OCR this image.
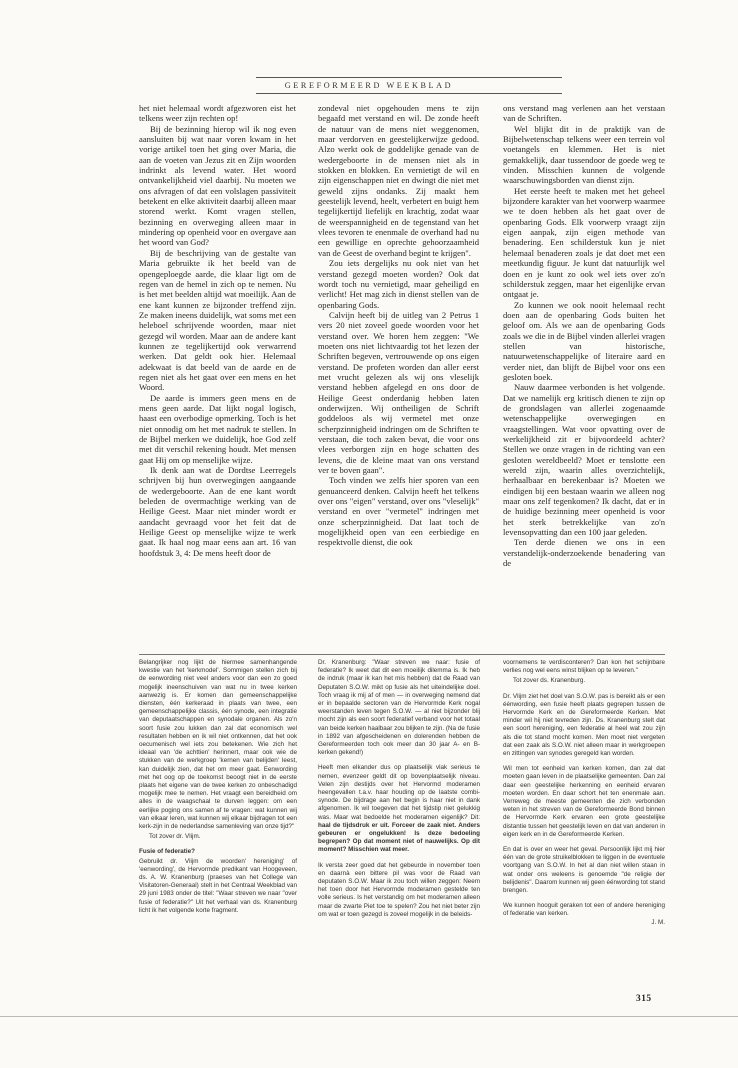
GEREFORMEERD WEEKBLAD

het niet helemaal wordt afgezworen eist het telkens weer zijn rechten op!

Bij de bezinning hierop wil ik nog even aansluiten bij wat naar voren kwam in het vorige artikel toen het ging over Maria, die aan de voeten van Jezus zit en Zijn woorden indrinkt als levend water. Het woord ontvankelijkheid viel daarbij. Nu moeten we ons afvragen of dat een volslagen passiviteit betekent en elke aktiviteit daarbij alleen maar storend werkt. Komt vragen stellen, bezinning en overweging alleen maar in mindering op openheid voor en overgave aan het woord van God?

Bij de beschrijving van de gestalte van Maria gebruikte ik het beeld van de opengeploegde aarde, die klaar ligt om de regen van de hemel in zich op te nemen. Nu is het met beelden altijd wat moeilijk. Aan de ene kant kunnen ze bijzonder treffend zijn. Ze maken ineens duidelijk, wat soms met een heleboel schrijvende woorden, maar niet gezegd wil worden. Maar aan de andere kant kunnen ze tegelijkertijd ook verwarrend werken. Dat geldt ook hier. Helemaal adekwaat is dat beeld van de aarde en de regen niet als het gaat over een mens en het Woord.

De aarde is immers geen mens en de mens geen aarde. Dat lijkt nogal logisch, haast een overbodige opmerking. Toch is het niet onnodig om het met nadruk te stellen. In de Bijbel merken we duidelijk, hoe God zelf met dit verschil rekening houdt. Met mensen gaat Hij om op menselijke wijze.

Ik denk aan wat de Dordtse Leerregels schrijven bij hun overwegingen aangaande de wedergeboorte. Aan de ene kant wordt beleden de overmachtige werking van de Heilige Geest. Maar niet minder wordt er aandacht gevraagd voor het feit dat de Heilige Geest op menselijke wijze te werk gaat. Ik haal nog maar eens aan art. 16 van hoofdstuk 3, 4: De mens heeft door de

zondeval niet opgehouden mens te zijn begaafd met verstand en wil. De zonde heeft de natuur van de mens niet weggenomen, maar verdorven en geestelijkerwijze gedood. Alzo werkt ook de goddelijke genade van de wedergeboorte in de mensen niet als in stokken en blokken. En vernietigt de wil en zijn eigenschappen niet en dwingt die niet met geweld zijns ondanks. Zij maakt hem geestelijk levend, heelt, verbetert en buigt hem tegelijkertijd liefelijk en krachtig, zodat waar de weerspannigheid en de tegenstand van het vlees tevoren te enenmale de overhand had nu een gewillige en oprechte gehoorzaamheid van de Geest de overhand begint te krijgen".

Zou iets dergelijks nu ook niet van het verstand gezegd moeten worden? Ook dat wordt toch nu vernietigd, maar geheiligd en verlicht! Het mag zich in dienst stellen van de openbaring Gods.

Calvijn heeft bij de uitleg van 2 Petrus 1 vers 20 niet zoveel goede woorden voor het verstand over. We horen hem zeggen: "We moeten ons niet lichtvaardig tot het lezen der Schriften begeven, vertrouwende op ons eigen verstand. De profeten worden dan aller eerst met vrucht gelezen als wij ons vleselijk verstand hebben afgelegd en ons door de Heilige Geest onderdanig hebben laten onderwijzen. Wij ontheiligen de Schrift goddeloos als wij vermetel met onze scherpzinnigheid indringen om de Schriften te verstaan, die toch zaken bevat, die voor ons vlees verborgen zijn en hoge schatten des levens, die de kleine maat van ons verstand ver te boven gaan".

Toch vinden we zelfs hier sporen van een genuanceerd denken. Calvijn heeft het telkens over ons "eigen" verstand, over ons "vleselijk" verstand en over "vermetel" indringen met onze scherpzinnigheid. Dat laat toch de mogelijkheid open van een eerbiedige en respektvolle dienst, die ook

ons verstand mag verlenen aan het verstaan van de Schriften.

Wel blijkt dit in de praktijk van de Bijbelwetenschap telkens weer een terrein vol voetangels en klemmen. Het is niet gemakkelijk, daar tussendoor de goede weg te vinden. Misschien kunnen de volgende waarschuwingsborden van dienst zijn.

Het eerste heeft te maken met het geheel bijzondere karakter van het voorwerp waarmee we te doen hebben als het gaat over de openbaring Gods. Elk voorwerp vraagt zijn eigen aanpak, zijn eigen methode van benadering. Een schilderstuk kun je niet helemaal benaderen zoals je dat doet met een meetkundig figuur. Je kunt dat natuurlijk wel doen en je kunt zo ook wel iets over zo'n schilderstuk zeggen, maar het eigenlijke ervan ontgaat je.

Zo kunnen we ook nooit helemaal recht doen aan de openbaring Gods buiten het geloof om. Als we aan de openbaring Gods zoals we die in de Bijbel vinden allerlei vragen stellen van historische, natuurwetenschappelijke of literaire aard en verder niet, dan blijft de Bijbel voor ons een gesloten boek.

Nauw daarmee verbonden is het volgende. Dat we namelijk erg kritisch dienen te zijn op de grondslagen van allerlei zogenaamde wetenschappelijke overwegingen en vraagstellingen. Wat voor opvatting over de werkelijkheid zit er bijvoordeeld achter? Stellen we onze vragen in de richting van een gesloten wereldbeeld? Moet er tenslotte een wereld zijn, waarin alles overzichtelijk, herhaalbaar en berekenbaar is? Moeten we eindigen bij een bestaan waarin we alleen nog maar ons zelf tegenkomen? Ik dacht, dat er in de huidige bezinning meer openheid is voor het sterk betrekkelijke van zo'n levensopvatting dan een 100 jaar geleden.

Ten derde dienen we ons in een verstandelijk-onderzoekende benadering van de

Belangrijker nog lijkt de hiermee samenhangende kwestie van het 'kerkmodel'. Sommigen stellen zich bij de eenwording niet veel anders voor dan een zo goed mogelijk ineenschuiven van wat nu in twee kerken aanwezig is. Er komen dan gemeenschappelijke diensten, één kerkeraad in plaats van twee, een gemeenschappelijke classis, één synode, een integratie van deputaatschappen en synodale organen. Als zo'n soort fusie zou lukken dan zal dat economisch wel resultaten hebben en ik wil niet ontkennen, dat het ook oecumenisch wel iets zou betekenen. Wie zich het ideaal van 'de achttien' herinnert, maar ook wie de stukken van de werkgroep 'kernen van belijden' leest, kan duidelijk zien, dat het om meer gaat. Eenwording met het oog op de toekomst beoogt niet in de eerste plaats het eigene van de twee kerken zo onbeschadigd mogelijk mee te nemen. Het vraagt een bereidheid om alles in de waagschaal te durven leggen: om een eerlijke poging ons samen af te vragen: wat kunnen wij van elkaar leren, wat kunnen wij elkaar bijdragen tot een kerk-zijn in de nederlandse samenleving van onze tijd?"

Tot zover dr. Vlijm.

Fusie of federatie?

Gebruikt dr. Vlijm de woorden' hereniging' of 'eenwording', de Hervormde predikant van Hoogeveen, ds. A. W. Kranenburg (praeses van het College van Visitatoren-Generaal) stelt in het Centraal Weekblad van 29 juni 1983 onder de titel: "Waar streven we naar "over fusie of federatie?" Uit het verhaal van ds. Kranenburg licht ik het volgende korte fragment.

Dr. Kranenburg: "Waar streven we naar: fusie of federatie? Ik weet dat dit een moeilijk dilemma is. Ik heb de indruk (maar ik kan het mis hebben) dat de Raad van Deputaten S.O.W. mikt op fusie als het uiteindelijke doel. Toch vraag ik mij af of men — in overweging nemend dat er in bepaalde sectoren van de Hervormde Kerk nogal weerstanden leven tegen S.O.W. — al niet bijzonder blij mocht zijn als een soort federatief verband voor het totaal van beide kerken haalbaar zou blijken te zijn. (Na de fusie in 1892 van afgescheidenen en dolerenden hebben de Gereformeerden toch ook meer dan 30 jaar A- en B-kerken gekend!)

Heeft men elkander dus op plaatselijk vlak serieus te nemen, evenzeer geldt dit op bovenplaatselijk niveau. Velen zijn destijds over het Hervormd moderamen heengevallen t.a.v. haar houding op de laatste combi-synode. De bijdrage aan het begin is haar niet in dank afgenomen. Ik wil toegeven dat het tijdstip niet gelukkig was. Maar wat bedoelde het moderamen eigenlijk? Dit: haal de tijdsdruk er uit. Forceer de zaak niet. Anders gebeuren er ongelukken! Is deze bedoeling begrepen? Op dat moment niet of nauwelijks. Op dit moment? Misschien wat meer.

Ik versta zeer goed dat het gebeurde in november toen en daarnà een bittere pil was voor de Raad van deputaten S.O.W. Maar ik zou toch willen zeggen: Neem het toen door het Hervormde moderamen gestelde ten volle serieus. Is het verstandig om het moderamen alleen maar de zwarte Piet toe te spelen? Zou het niet beter zijn om wat er toen gezegd is zoveel mogelijk in de beleids-

voornemens te verdisconteren? Dan kon het schijnbare verlies nog wel eens winst blijken op te leveren."

Tot zover ds. Kranenburg.

Dr. Vlijm ziet het doel van S.O.W. pas is bereikt als er een éénwording, een fusie heeft plaats gegrepen tussen de Hervormde Kerk en de Gereformeerde Kerken. Met minder wil hij niet tevreden zijn. Ds. Kranenburg stelt dat een soort hereniging, een federatie al heel wat zou zijn als die tot stand mocht komen. Men moet niet vergeten dat een zaak als S.O.W. niet alleen maar in werkgroepen en zittingen van synodes geregeld kan worden.

Wil men tot eenheid van kerken komen, dan zal dat moeten gaan leven in de plaatselijke gemeenten. Dan zal daar een geestelijke herkenning en eenheid ervaren moeten worden. En daar schort het ten enenmale aan. Verreweg de meeste gemeenten die zich verbonden weten in het streven van de Gereformeerde Bond binnen de Hervormde Kerk ervaren een grote geestelijke distantie tussen het geestelijk leven en dat van anderen in eigen kerk en in de Gereformeerde Kerken.

En dat is over en weer het geval. Persoonlijk lijkt mij hier één van de grote struikelblokken te liggen in de eventuele voortgang van S.O.W. In het al dan niet willen staan in wat onder ons weleens is genoemde "de religie der belijdenis". Daarom kunnen wij geen éénwording tot stand brengen.

We kunnen hooguit geraken tot een of andere hereniging of federatie van kerken.

J. M.

315
